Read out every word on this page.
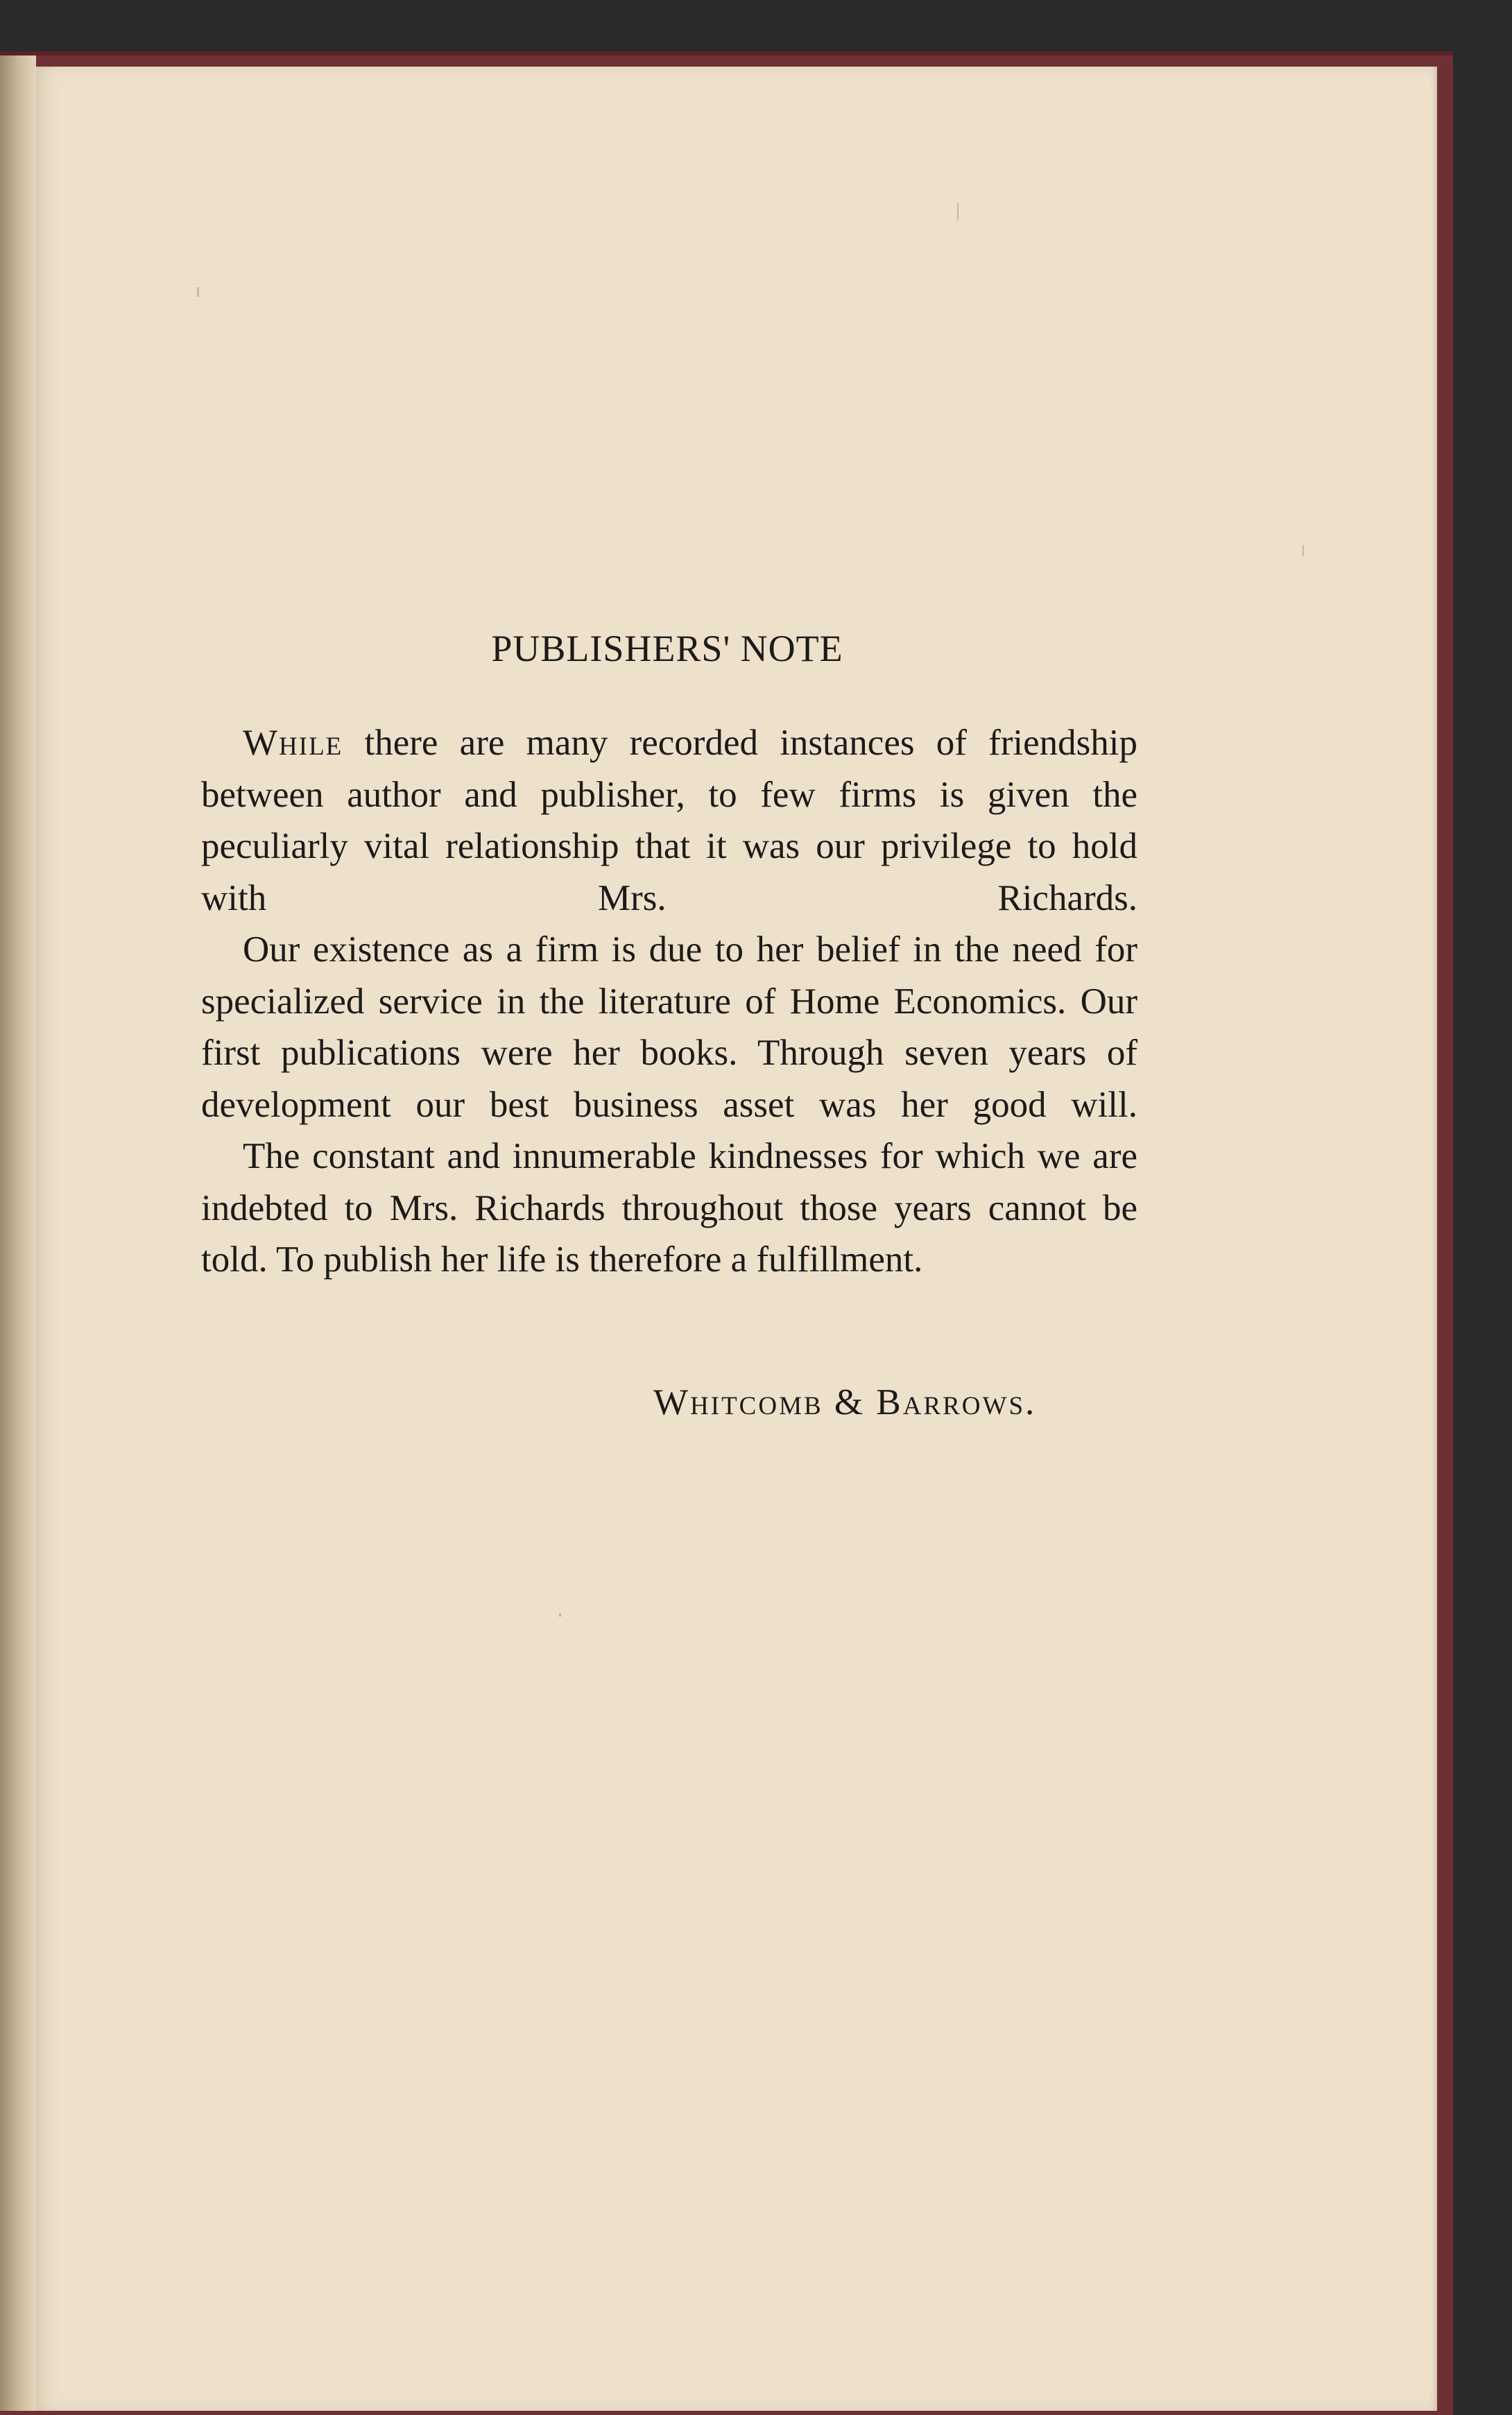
PUBLISHERS' NOTE

While there are many recorded instances of friendship between author and publisher, to few firms is given the peculiarly vital relationship that it was our privilege to hold with Mrs. Richards.

Our existence as a firm is due to her belief in the need for specialized service in the literature of Home Economics. Our first publications were her books. Through seven years of development our best business asset was her good will.

The constant and innumerable kindnesses for which we are indebted to Mrs. Richards throughout those years cannot be told. To publish her life is therefore a fulfillment.

Whitcomb & Barrows.
